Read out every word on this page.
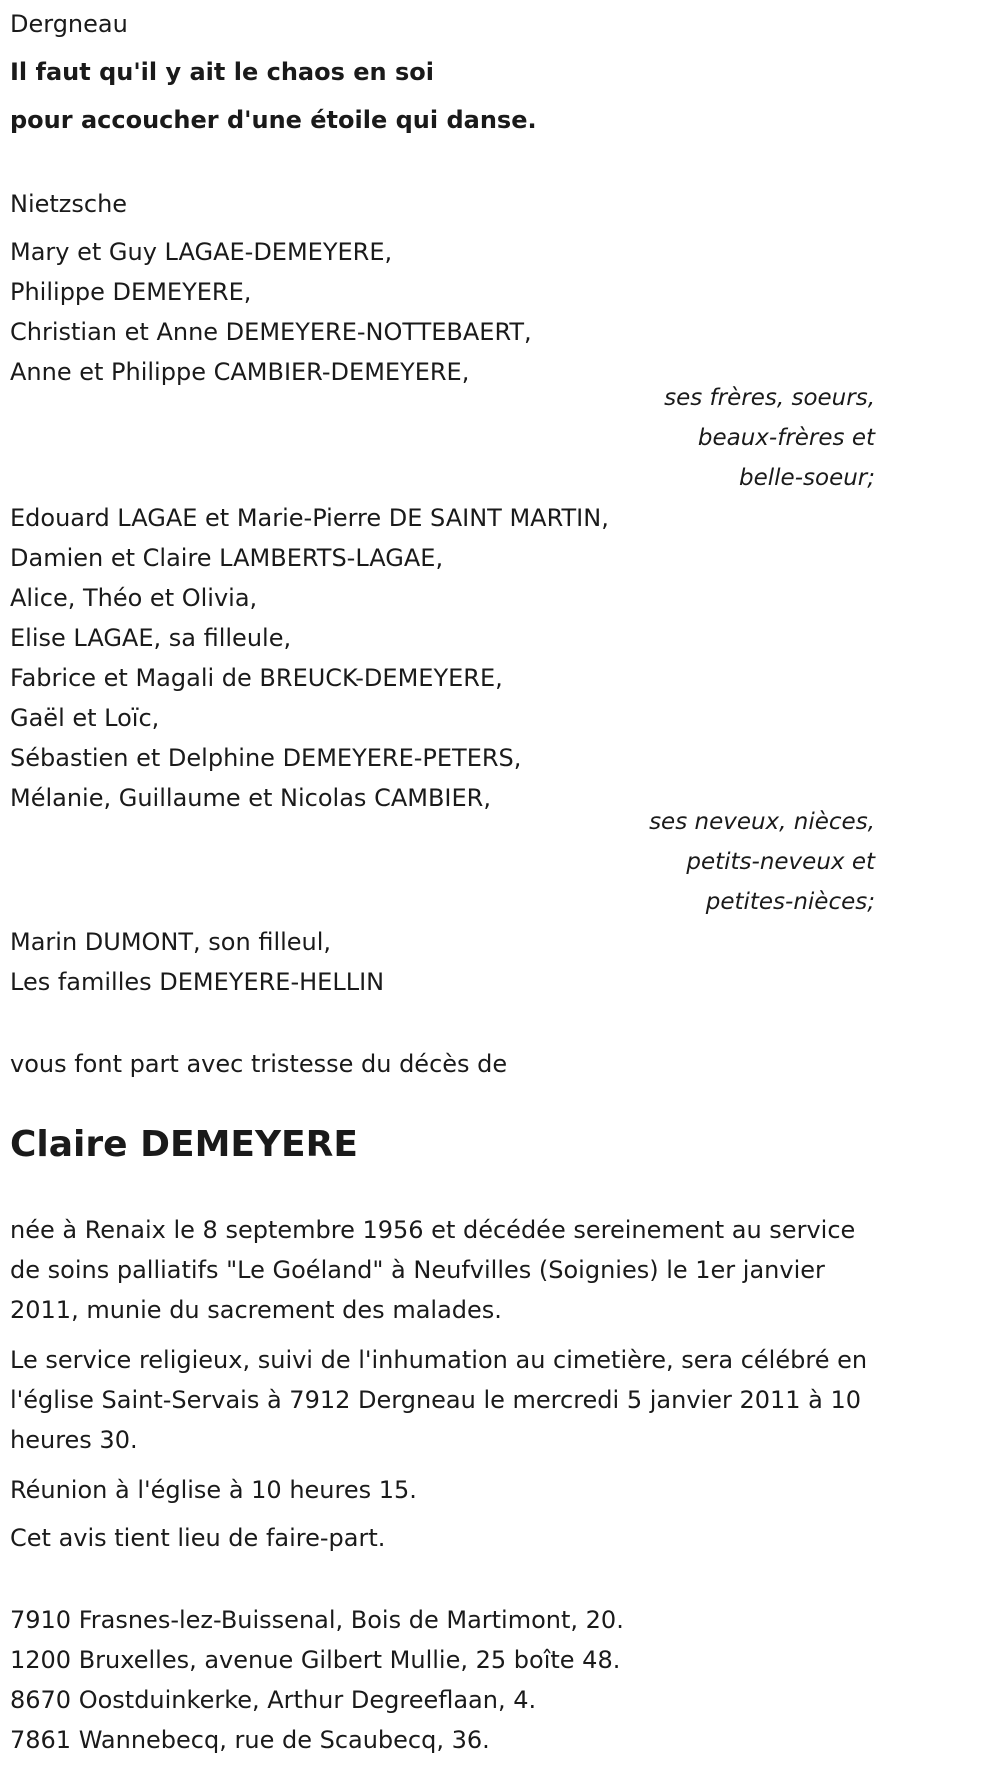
Dergneau
Il faut qu'il y ait le chaos en soi
pour accoucher d'une étoile qui danse.
Nietzsche
Mary et Guy LAGAE-DEMEYERE,
Philippe DEMEYERE,
Christian et Anne DEMEYERE-NOTTEBAERT,
Anne et Philippe CAMBIER-DEMEYERE,
ses frères, soeurs,
beaux-frères et
belle-soeur;
Edouard LAGAE et Marie-Pierre DE SAINT MARTIN,
Damien et Claire LAMBERTS-LAGAE,
Alice, Théo et Olivia,
Elise LAGAE, sa filleule,
Fabrice et Magali de BREUCK-DEMEYERE,
Gaël et Loïc,
Sébastien et Delphine DEMEYERE-PETERS,
Mélanie, Guillaume et Nicolas CAMBIER,
ses neveux, nièces,
petits-neveux et
petites-nièces;
Marin DUMONT, son filleul,
Les familles DEMEYERE-HELLIN
vous font part avec tristesse du décès de
Claire DEMEYERE
née à Renaix le 8 septembre 1956 et décédée sereinement au service de soins palliatifs "Le Goéland" à Neufvilles (Soignies) le 1er janvier 2011, munie du sacrement des malades.
Le service religieux, suivi de l'inhumation au cimetière, sera célébré en l'église Saint-Servais à 7912 Dergneau le mercredi 5 janvier 2011 à 10 heures 30.
Réunion à l'église à 10 heures 15.
Cet avis tient lieu de faire-part.
7910 Frasnes-lez-Buissenal, Bois de Martimont, 20.
1200 Bruxelles, avenue Gilbert Mullie, 25 boîte 48.
8670 Oostduinkerke, Arthur Degreeflaan, 4.
7861 Wannebecq, rue de Scaubecq, 36.
